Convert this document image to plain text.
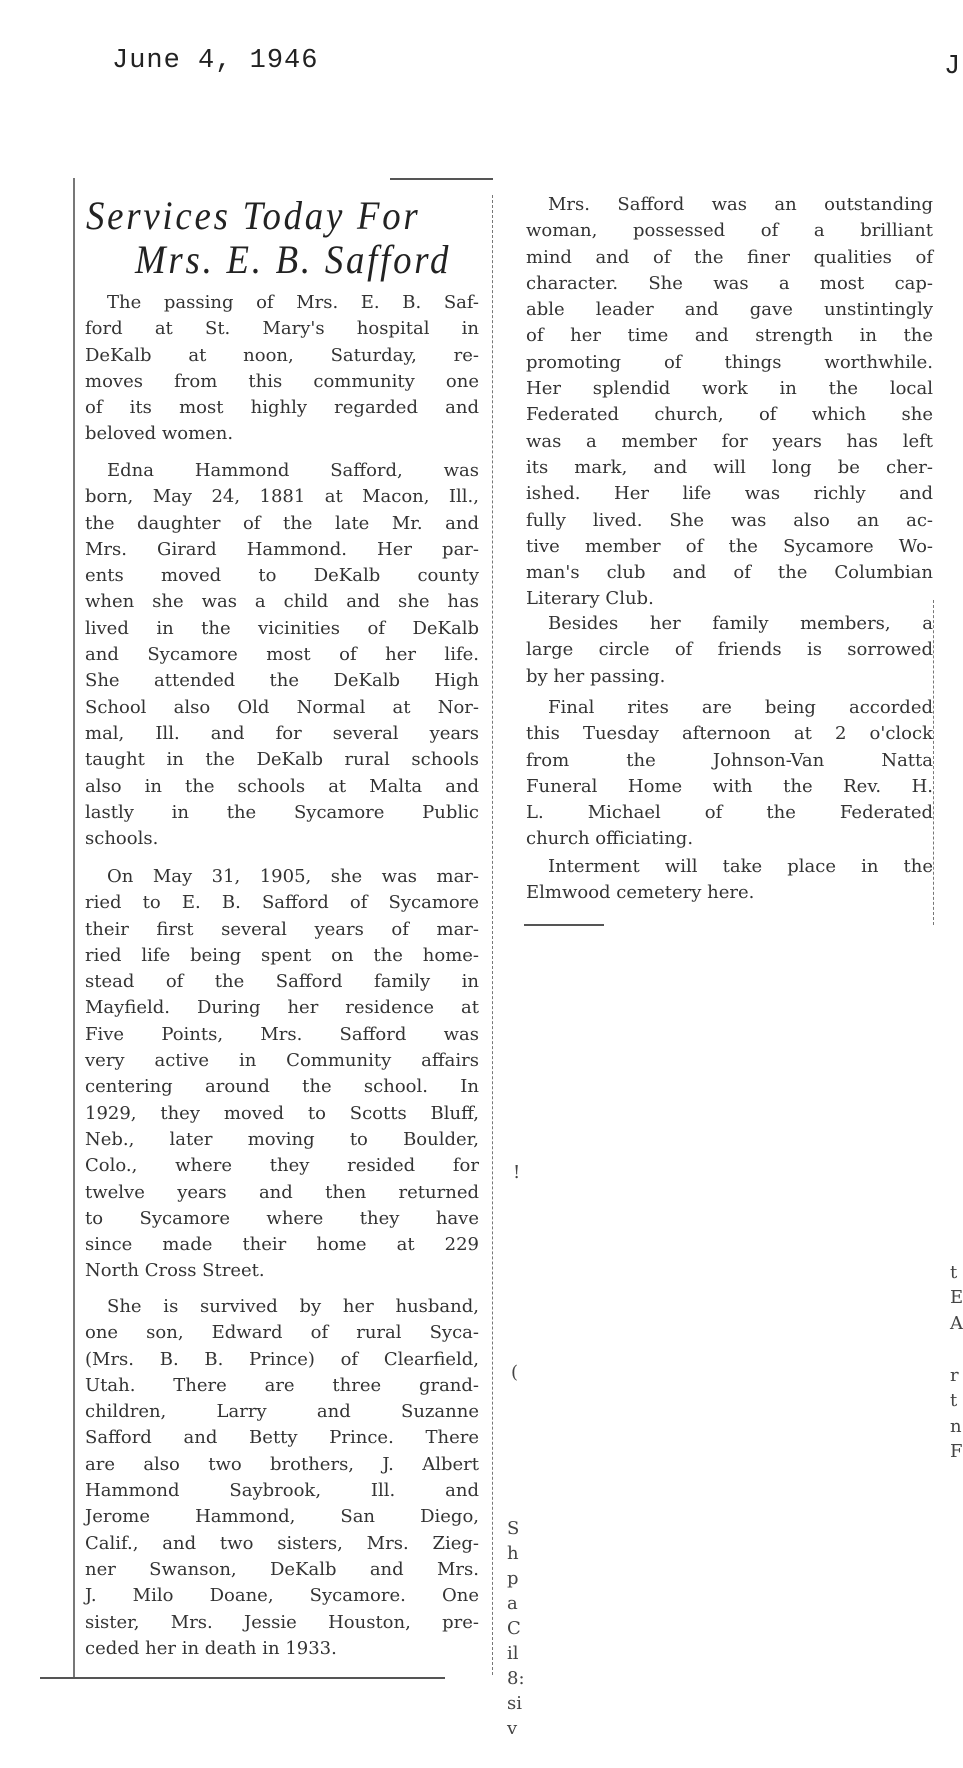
June 4, 1946	J
Services Today For
Mrs. E. B. Safford
The passing of Mrs. E. B. Saf-
ford at St. Mary's hospital in
DeKalb at noon, Saturday, re-
moves from this community one
of its most highly regarded and
beloved women.
Edna Hammond Safford, was
born, May 24, 1881 at Macon, Ill.,
the daughter of the late Mr. and
Mrs. Girard Hammond. Her par-
ents moved to DeKalb county
when she was a child and she has
lived in the vicinities of DeKalb
and Sycamore most of her life.
She attended the DeKalb High
School also Old Normal at Nor-
mal, Ill. and for several years
taught in the DeKalb rural schools
also in the schools at Malta and
lastly in the Sycamore Public
schools.
On May 31, 1905, she was mar-
ried to E. B. Safford of Sycamore
their first several years of mar-
ried life being spent on the home-
stead of the Safford family in
Mayfield. During her residence at
Five Points, Mrs. Safford was
very active in Community affairs
centering around the school. In
1929, they moved to Scotts Bluff,
Neb., later moving to Boulder,
Colo., where they resided for
twelve years and then returned
to Sycamore where they have
since made their home at 229
North Cross Street.
She is survived by her husband,
one son, Edward of rural Syca-
(Mrs. B. B. Prince) of Clearfield,
Utah. There are three grand-
children, Larry and Suzanne
Safford and Betty Prince. There
are also two brothers, J. Albert
Hammond Saybrook, Ill. and
Jerome Hammond, San Diego,
Calif., and two sisters, Mrs. Zieg-
ner Swanson, DeKalb and Mrs.
J. Milo Doane, Sycamore. One
sister, Mrs. Jessie Houston, pre-
ceded her in death in 1933.
Mrs. Safford was an outstanding
woman, possessed of a brilliant
mind and of the finer qualities of
character. She was a most cap-
able leader and gave unstintingly
of her time and strength in the
promoting of things worthwhile.
Her splendid work in the local
Federated church, of which she
was a member for years has left
its mark, and will long be cher-
ished. Her life was richly and
fully lived. She was also an ac-
tive member of the Sycamore Wo-
man's club and of the Columbian
Literary Club.
Besides her family members, a
large circle of friends is sorrowed
by her passing.
Final rites are being accorded
this Tuesday afternoon at 2 o'clock
from the Johnson-Van Natta
Funeral Home with the Rev. H.
L. Michael of the Federated
church officiating.
Interment will take place in the
Elmwood cemetery here.
!
(
S
h
p
a
C
il
8:
si
v
t
E
A
r
t
n
F
